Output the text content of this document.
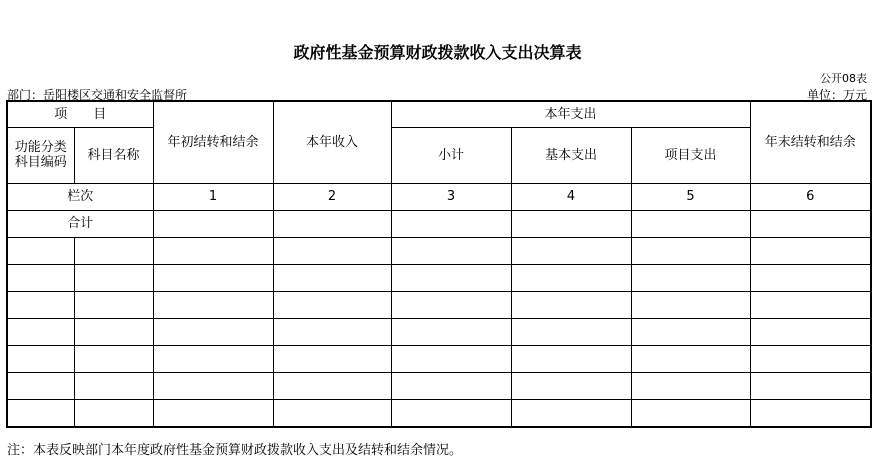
政府性基金预算财政拨款收入支出决算表
公开08表
部门：岳阳楼区交通和安全监督所	单位：万元
项　　目		年初结转和结余	本年收入	本年支出			年末结转和结余
功能分类科目编码	科目名称			小计	基本支出	项目支出	

栏次		1	2	3	4	5	6
合计							

注：本表反映部门本年度政府性基金预算财政拨款收入支出及结转和结余情况。
